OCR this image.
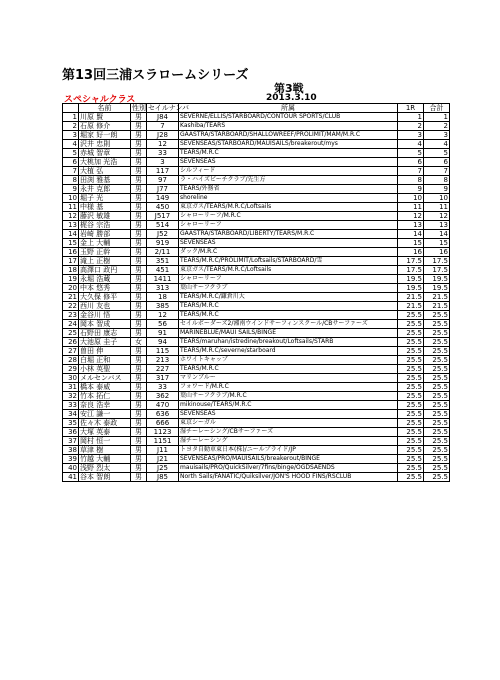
第13回三浦スラロームシリーズ
第3戦
スペシャルクラス	2013.3.10
	名前	性別	セイルナンバ	所属	1R	合計
1	川原 賢	男	J84	SEVERNE/ELLIS/STARBOARD/CONTOUR SPORTS/CLUB	1	1
2	石原 修介	男	7	Kashiba/TEARS	2	2
3	堀家 好一朗	男	J28	GAASTRA/STARBOARD/SHALLOWREEF/PROLIMIT/MAM/M.R.C	3	3
4	沢井 忠則	男	12	SEVENSEAS/STARBOARD/MAUISAILS/breakerout/mys	4	4
5	赤城 智章	男	33	TEARS/M.R.C	5	5
6	大桃加 光浩	男	3	SEVENSEAS	6	6
7	大植 弘	男	117	シルフィード	7	7
8	田渕 雅基	男	97	ラ・ハイズビーチクラブ/先生方	8	8
9	永井 克郎	男	J77	TEARS/外務省	9	9
10	堀子 光	男	149	shoreline	10	10
11	中様 基	男	450	東京ガス/TEARS/M.R.C/Loftsails	11	11
12	藤沢 敏雄	男	J517	シャローリーフ/M.R.C	12	12
13	梶谷 宗浩	男	514	シャローリーフ	13	13
14	岩崎 勝部	男	J52	GAASTRA/STARBOARD/LIBERTY/TEARS/M.R.C	14	14
15	金上 大輔	男	919	SEVENSEAS	15	15
16	玉野 正幹	男	2/11	ダック/M.R.C	16	16
17	滝上 正樹	男	351	TEARS/M.R.C/PROLIMIT/Loftsails/STARBOARD/雪	17.5	17.5
18	高澤口 政円	男	451	東京ガス/TEARS/M.R.C/Loftsails	17.5	17.5
19	永堀 浩蔵	男	1411	シャローリーフ	19.5	19.5
20	中本 悠秀	男	313	葉山サーフクラブ	19.5	19.5
21	大久保 修平	男	18	TEARS/M.R.C/鎌倉川大	21.5	21.5
22	西川 友也	男	385	TEARS/M.R.C	21.5	21.5
23	金谷川 悟	男	12	TEARS/M.R.C	25.5	25.5
24	岡本 智成	男	56	セイルボーダーズ2/湘南ウインドサーフィンスクール/CBサーファーズ	25.5	25.5
25	石野田 康志	男	91	MARINEBLUE/MAUI SAILS/BINGE	25.5	25.5
26	大池原 圭子	女	94	TEARS/maruhan/istredine/breakout/Loftsails/STARB	25.5	25.5
27	曽田 伸	男	115	TEARS/M.R.C/severne/starboard	25.5	25.5
28	白堀 正和	男	213	ホワイトキャップ	25.5	25.5
29	小林 英聖	男	227	TEARS/M.R.C	25.5	25.5
30	メルセンバス	男	317	マリンブルー	25.5	25.5
31	橋本 泰威	男	33	フォワード/M.R.C	25.5	25.5
32	竹本 拓仁	男	362	葉山サーフクラブ/M.R.C	25.5	25.5
33	奈良 浩幸	男	470	mikinouse/TEARS/M.R.C	25.5	25.5
34	安江 謙一	男	636	SEVENSEAS	25.5	25.5
35	佐々木 泰政	男	666	東京シーガル	25.5	25.5
36	大塚 英泰	男	1123	湿チーレーシング/CBサーファーズ	25.5	25.5
37	岡村 恒一	男	1151	湿チーレーシング	25.5	25.5
38	草津 樹	男	J11	トヨタ自動車東日本(株)/ニールプライド/JP	25.5	25.5
39	竹越 大輔	男	J21	SEVENSEAS/PRO/MAUISAILS/breakerout/BINGE	25.5	25.5
40	浅野 烈太	男	J25	mauisails/PRO/QuickSilver/7fins/binge/OGDSAENDS	25.5	25.5
41	谷本 智朗	男	J85	North Sails/FANATIC/Quiksilver/JON'S HOOD FINS/RSCLUB	25.5	25.5
